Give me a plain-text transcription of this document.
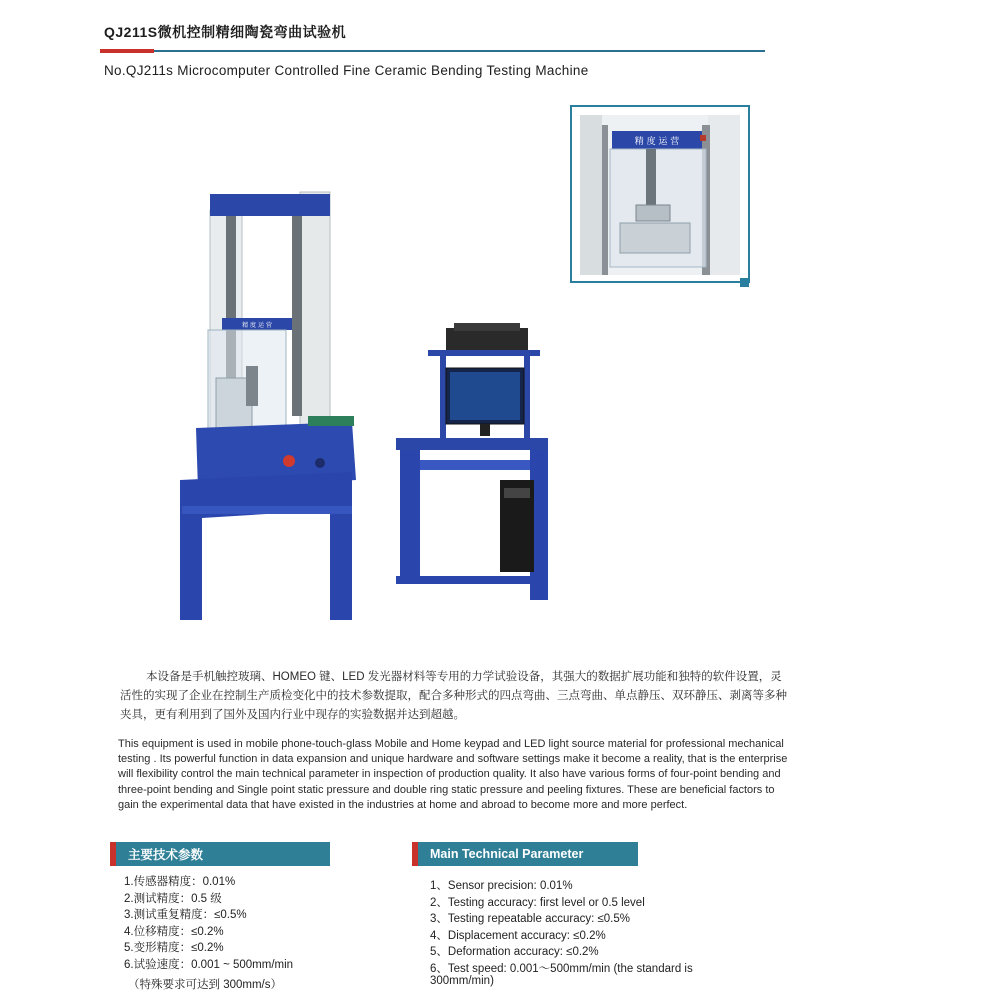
QJ211S微机控制精细陶瓷弯曲试验机
No.QJ211s Microcomputer Controlled Fine Ceramic Bending Testing Machine
精 度 运 营
精 度 运 营
本设备是手机触控玻璃、HOMEO 键、LED 发光器材料等专用的力学试验设备，其强大的数据扩展功能和独特的软件设置，灵活性的实现了企业在控制生产质检变化中的技术参数提取，配合多种形式的四点弯曲、三点弯曲、单点静压、双环静压、剥离等多种夹具，更有利用到了国外及国内行业中现存的实验数据并达到超越。
This equipment is used in mobile phone-touch-glass Mobile and Home keypad and LED light source material for professional mechanical testing . Its powerful function in data expansion and unique hardware and software settings make it become a reality, that is the enterprise will flexibility control the main technical parameter in inspection of production quality. It also have various forms of four-point bending and three-point bending and Single point static pressure and double ring static pressure and peeling fixtures. These are beneficial factors to gain the experimental data that have existed in the industries at home and abroad to become more and more perfect.
主要技术参数	Main Technical Parameter
1.传感器精度：0.01%
2.测试精度：0.5 级
3.测试重复精度：≤0.5%
4.位移精度：≤0.2%
5.变形精度：≤0.2%
6.试验速度：0.001 ~ 500mm/min
（特殊要求可达到 300mm/s）
1、Sensor precision: 0.01%
2、Testing accuracy: first level or 0.5 level
3、Testing repeatable accuracy: ≤0.5%
4、Displacement accuracy: ≤0.2%
5、Deformation accuracy: ≤0.2%
6、Test speed: 0.001～500mm/min (the standard is
300mm/min)
